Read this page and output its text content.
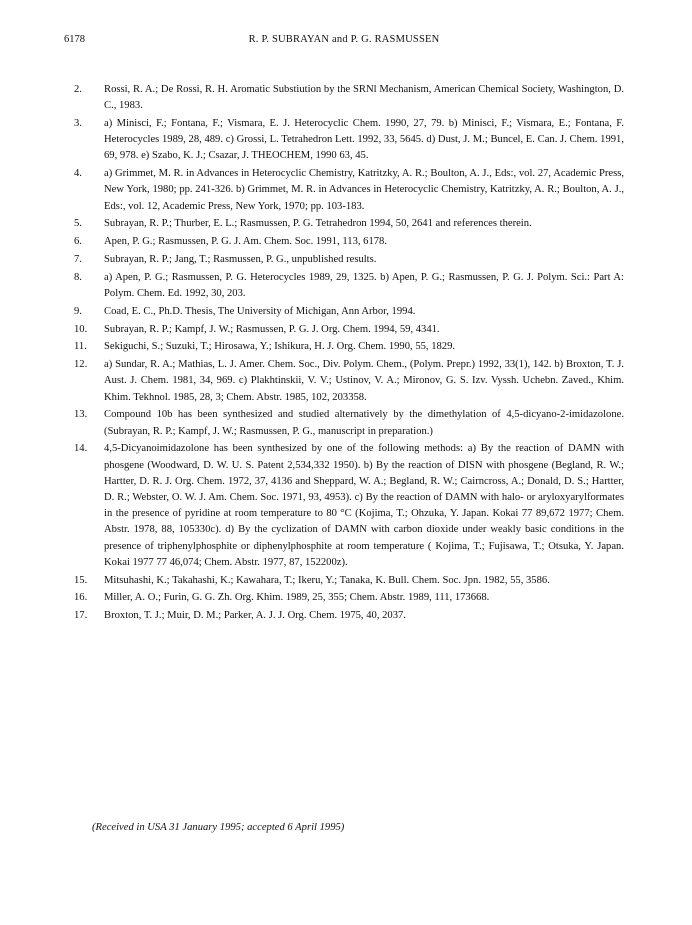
6178	R. P. SUBRAYAN and P. G. RASMUSSEN
2.	Rossi, R. A.; De Rossi, R. H. Aromatic Substiution by the SRNl Mechanism, American Chemical Society, Washington, D. C., 1983.
3.	a) Minisci, F.; Fontana, F.; Vismara, E. J. Heterocyclic Chem. 1990, 27, 79. b) Minisci, F.; Vismara, E.; Fontana, F. Heterocycles 1989, 28, 489. c) Grossi, L. Tetrahedron Lett. 1992, 33, 5645. d) Dust, J. M.; Buncel, E. Can. J. Chem. 1991, 69, 978. e) Szabo, K. J.; Csazar, J. THEOCHEM, 1990 63, 45.
4.	a) Grimmet, M. R. in Advances in Heterocyclic Chemistry, Katritzky, A. R.; Boulton, A. J., Eds:, vol. 27, Academic Press, New York, 1980; pp. 241-326. b) Grimmet, M. R. in Advances in Heterocyclic Chemistry, Katritzky, A. R.; Boulton, A. J., Eds:, vol. 12, Academic Press, New York, 1970; pp. 103-183.
5.	Subrayan, R. P.; Thurber, E. L.; Rasmussen, P. G. Tetrahedron 1994, 50, 2641 and references therein.
6.	Apen, P. G.; Rasmussen, P. G. J. Am. Chem. Soc. 1991, 113, 6178.
7.	Subrayan, R. P.; Jang, T.; Rasmussen, P. G., unpublished results.
8.	a) Apen, P. G.; Rasmussen, P. G. Heterocycles 1989, 29, 1325. b) Apen, P. G.; Rasmussen, P. G. J. Polym. Sci.: Part A: Polym. Chem. Ed. 1992, 30, 203.
9.	Coad, E. C., Ph.D. Thesis, The University of Michigan, Ann Arbor, 1994.
10.	Subrayan, R. P.; Kampf, J. W.; Rasmussen, P. G. J. Org. Chem. 1994, 59, 4341.
11.	Sekiguchi, S.; Suzuki, T.; Hirosawa, Y.; Ishikura, H. J. Org. Chem. 1990, 55, 1829.
12.	a) Sundar, R. A.; Mathias, L. J. Amer. Chem. Soc., Div. Polym. Chem., (Polym. Prepr.) 1992, 33(1), 142. b) Broxton, T. J. Aust. J. Chem. 1981, 34, 969. c) Plakhtinskii, V. V.; Ustinov, V. A.; Mironov, G. S. Izv. Vyssh. Uchebn. Zaved., Khim. Khim. Tekhnol. 1985, 28, 3; Chem. Abstr. 1985, 102, 203358.
13.	Compound 10b has been synthesized and studied alternatively by the dimethylation of 4,5-dicyano-2-imidazolone. (Subrayan, R. P.; Kampf, J. W.; Rasmussen, P. G., manuscript in preparation.)
14.	4,5-Dicyanoimidazolone has been synthesized by one of the following methods: a) By the reaction of DAMN with phosgene (Woodward, D. W. U. S. Patent 2,534,332 1950). b) By the reaction of DISN with phosgene (Begland, R. W.; Hartter, D. R. J. Org. Chem. 1972, 37, 4136 and Sheppard, W. A.; Begland, R. W.; Cairncross, A.; Donald, D. S.; Hartter, D. R.; Webster, O. W. J. Am. Chem. Soc. 1971, 93, 4953). c) By the reaction of DAMN with halo- or aryloxyarylformates in the presence of pyridine at room temperature to 80 °C (Kojima, T.; Ohzuka, Y. Japan. Kokai 77 89,672 1977; Chem. Abstr. 1978, 88, 105330c). d) By the cyclization of DAMN with carbon dioxide under weakly basic conditions in the presence of triphenylphosphite or diphenylphosphite at room temperature ( Kojima, T.; Fujisawa, T.; Otsuka, Y. Japan. Kokai 1977 77 46,074; Chem. Abstr. 1977, 87, 152200z).
15.	Mitsuhashi, K.; Takahashi, K.; Kawahara, T.; Ikeru, Y.; Tanaka, K. Bull. Chem. Soc. Jpn. 1982, 55, 3586.
16.	Miller, A. O.; Furin, G. G. Zh. Org. Khim. 1989, 25, 355; Chem. Abstr. 1989, 111, 173668.
17.	Broxton, T. J.; Muir, D. M.; Parker, A. J. J. Org. Chem. 1975, 40, 2037.
(Received in USA 31 January 1995; accepted 6 April 1995)
